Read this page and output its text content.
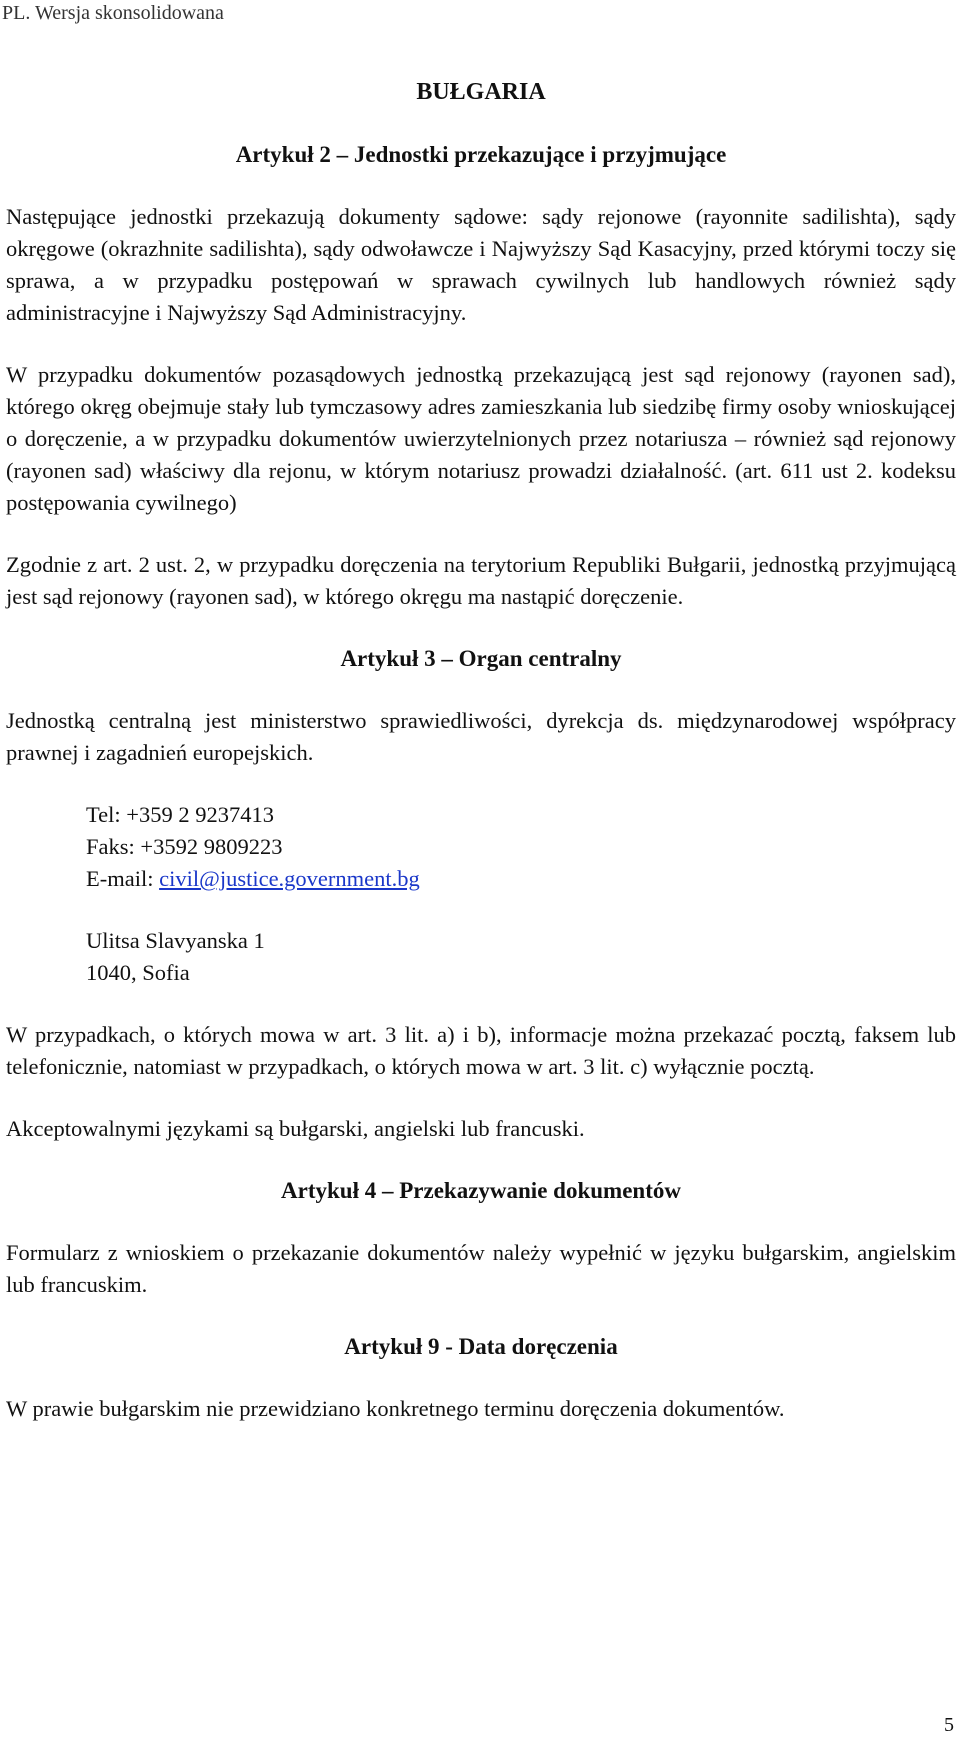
PL. Wersja skonsolidowana
BUŁGARIA
Artykuł 2 – Jednostki przekazujące i przyjmujące

Następujące jednostki przekazują dokumenty sądowe: sądy rejonowe (rayonnite sadilishta), sądy okręgowe (okrazhnite sadilishta), sądy odwoławcze i Najwyższy Sąd Kasacyjny, przed którymi toczy się sprawa, a w przypadku postępowań w sprawach cywilnych lub handlowych również sądy administracyjne i Najwyższy Sąd Administracyjny.

W przypadku dokumentów pozasądowych jednostką przekazującą jest sąd rejonowy (rayonen sad), którego okręg obejmuje stały lub tymczasowy adres zamieszkania lub siedzibę firmy osoby wnioskującej o doręczenie, a w przypadku dokumentów uwierzytelnionych przez notariusza – również sąd rejonowy (rayonen sad) właściwy dla rejonu, w którym notariusz prowadzi działalność. (art. 611 ust 2. kodeksu postępowania cywilnego)

Zgodnie z art. 2 ust. 2, w przypadku doręczenia na terytorium Republiki Bułgarii, jednostką przyjmującą jest sąd rejonowy (rayonen sad), w którego okręgu ma nastąpić doręczenie.

Artykuł 3 – Organ centralny

Jednostką centralną jest ministerstwo sprawiedliwości, dyrekcja ds. międzynarodowej współpracy prawnej i zagadnień europejskich.

Tel: +359 2 9237413
Faks: +3592 9809223
E-mail: civil@justice.government.bg
Ulitsa Slavyanska 1
1040, Sofia

W przypadkach, o których mowa w art. 3 lit. a) i b), informacje można przekazać pocztą, faksem lub telefonicznie, natomiast w przypadkach, o których mowa w art. 3 lit. c) wyłącznie pocztą.

Akceptowalnymi językami są bułgarski, angielski lub francuski.

Artykuł 4 – Przekazywanie dokumentów

Formularz z wnioskiem o przekazanie dokumentów należy wypełnić w języku bułgarskim, angielskim lub francuskim.

Artykuł 9 - Data doręczenia

W prawie bułgarskim nie przewidziano konkretnego terminu doręczenia dokumentów.

5
